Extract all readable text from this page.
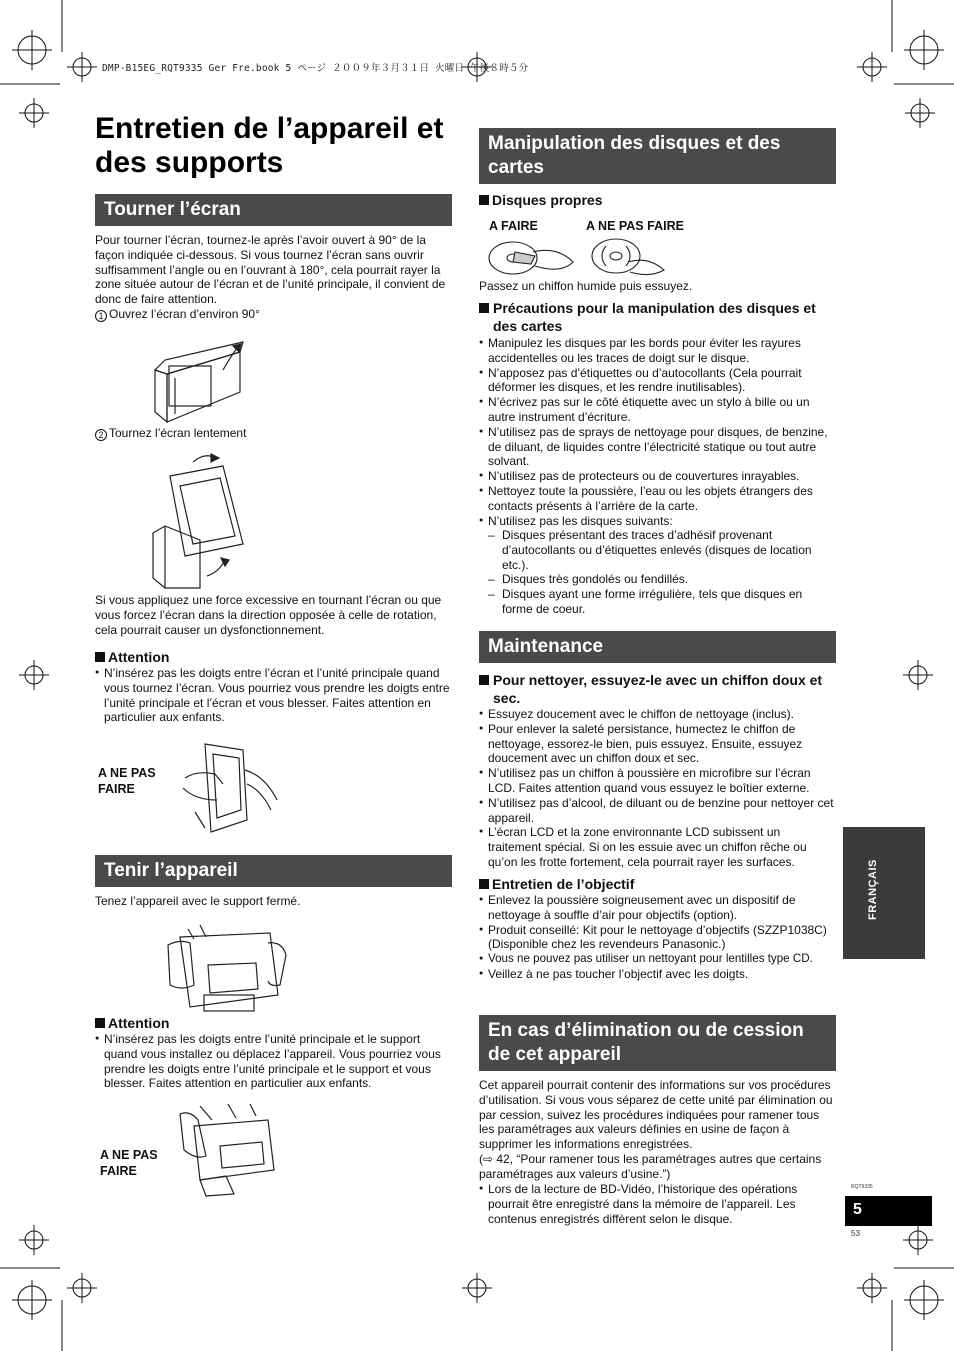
DMP-B15EG_RQT9335 Ger Fre.book 5 ページ ２００９年３月３１日 火曜日 午後８時５分
Entretien de l’appareil et des supports
Tourner l’écran

Pour tourner l’écran, tournez-le après l’avoir ouvert à 90° de la façon indiquée ci-dessous. Si vous tournez l’écran sans ouvrir suffisamment l’angle ou en l’ouvrant à 180°, cela pourrait rayer la zone située autour de l’écran et de l’unité principale, il convient de donc de faire attention.

1 Ouvrez l’écran d’environ 90°
2 Tournez l’écran lentement

Si vous appliquez une force excessive en tournant l’écran ou que vous forcez l’écran dans la direction opposée à celle de rotation, cela pourrait causer un dysfonctionnement.

Attention
● N’insérez pas les doigts entre l’écran et l’unité principale quand vous tournez l’écran. Vous pourriez vous prendre les doigts entre l’unité principale et l’écran et vous blesser. Faites attention en particulier aux enfants.
A NE PAS
FAIRE
Tenir l’appareil

Tenez l’appareil avec le support fermé.

Attention
● N’insérez pas les doigts entre l’unité principale et le support quand vous installez ou déplacez l’appareil. Vous pourriez vous prendre les doigts entre l’unité principale et le support et vous blesser. Faites attention en particulier aux enfants.
A NE PAS
FAIRE
Manipulation des disques et des cartes
Disques propres
A FAIRE	A NE PAS FAIRE

Passez un chiffon humide puis essuyez.

Précautions pour la manipulation des disques et des cartes
● Manipulez les disques par les bords pour éviter les rayures accidentelles ou les traces de doigt sur le disque.
● N’apposez pas d’étiquettes ou d’autocollants (Cela pourrait déformer les disques, et les rendre inutilisables).
● N’écrivez pas sur le côté étiquette avec un stylo à bille ou un autre instrument d’écriture.
● N’utilisez pas de sprays de nettoyage pour disques, de benzine, de diluant, de liquides contre l’électricité statique ou tout autre solvant.
● N’utilisez pas de protecteurs ou de couvertures inrayables.
● Nettoyez toute la poussière, l’eau ou les objets étrangers des contacts présents à l’arrière de la carte.
● N’utilisez pas les disques suivants:
– Disques présentant des traces d’adhésif provenant d’autocollants ou d’étiquettes enlevés (disques de location etc.).
– Disques très gondolés ou fendillés.
– Disques ayant une forme irrégulière, tels que disques en forme de coeur.
Maintenance
Pour nettoyer, essuyez-le avec un chiffon doux et sec.
● Essuyez doucement avec le chiffon de nettoyage (inclus).
● Pour enlever la saleté persistance, humectez le chiffon de nettoyage, essorez-le bien, puis essuyez. Ensuite, essuyez doucement avec un chiffon doux et sec.
● N’utilisez pas un chiffon à poussière en microfibre sur l’écran LCD. Faites attention quand vous essuyez le boîtier externe.
● N’utilisez pas d’alcool, de diluant ou de benzine pour nettoyer cet appareil.
● L’écran LCD et la zone environnante LCD subissent un traitement spécial. Si on les essuie avec un chiffon rêche ou qu’on les frotte fortement, cela pourrait rayer les surfaces.
Entretien de l’objectif
● Enlevez la poussière soigneusement avec un dispositif de nettoyage à souffle d’air pour objectifs (option).
● Produit conseillé: Kit pour le nettoyage d’objectifs (SZZP1038C) (Disponible chez les revendeurs Panasonic.)
● Vous ne pouvez pas utiliser un nettoyant pour lentilles type CD.
● Veillez à ne pas toucher l’objectif avec les doigts.
En cas d’élimination ou de cession de cet appareil

Cet appareil pourrait contenir des informations sur vos procédures d’utilisation. Si vous vous séparez de cette unité par élimination ou par cession, suivez les procédures indiquées pour ramener tous les paramétrages aux valeurs définies en usine de façon à supprimer les informations enregistrées.

(⇨ 42, “Pour ramener tous les paramétrages autres que certains paramétrages aux valeurs d’usine.”)

● Lors de la lecture de BD-Vidéo, l’historique des opérations pourrait être enregistré dans la mémoire de l’appareil. Les contenus enregistrés diffèrent selon le disque.
FRANÇAIS
RQT9335
5
53
